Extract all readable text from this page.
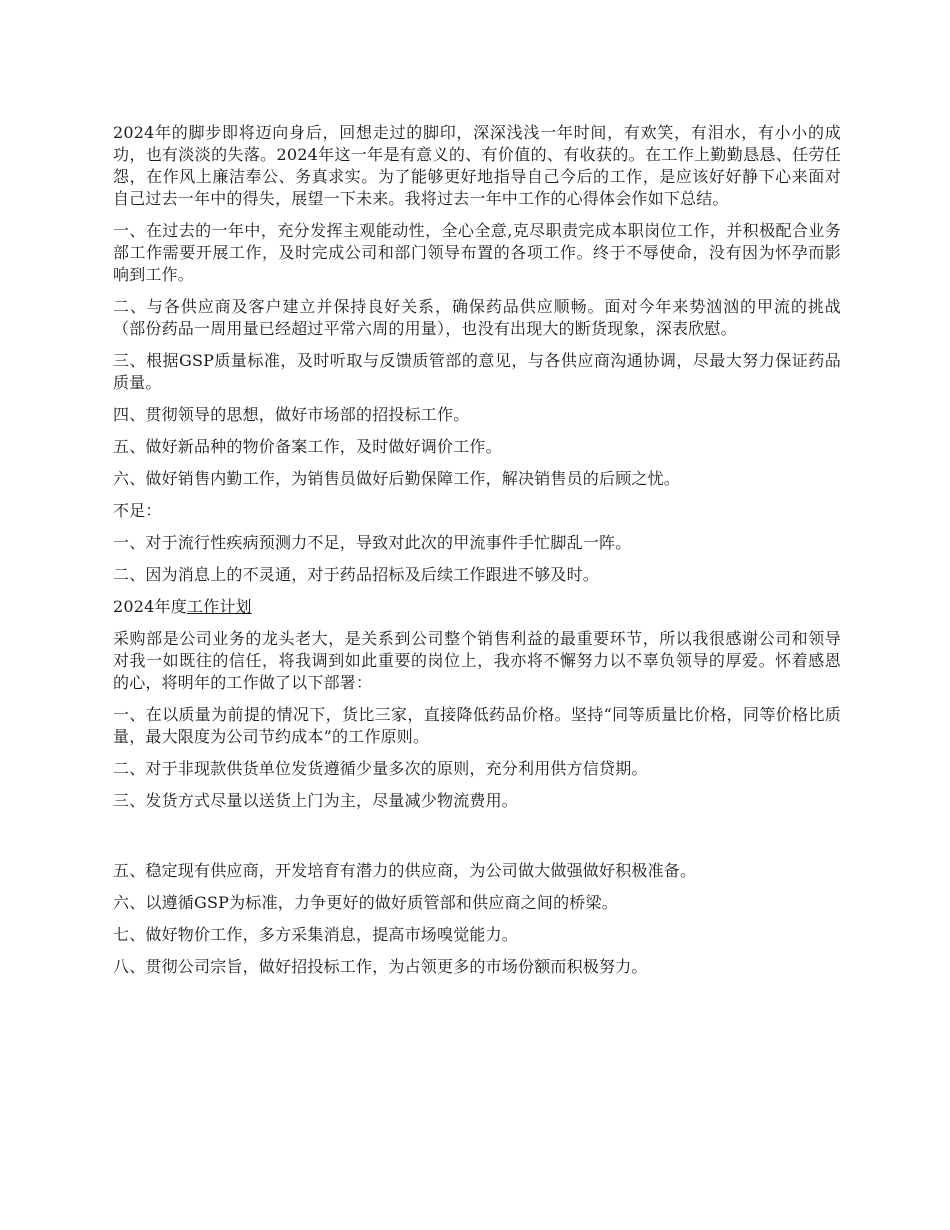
2024年的脚步即将迈向身后，回想走过的脚印，深深浅浅一年时间，有欢笑，有泪水，有小小的成功，也有淡淡的失落。2024年这一年是有意义的、有价值的、有收获的。在工作上勤勤恳恳、任劳任怨，在作风上廉洁奉公、务真求实。为了能够更好地指导自己今后的工作，是应该好好静下心来面对自己过去一年中的得失，展望一下未来。我将过去一年中工作的心得体会作如下总结。

一、在过去的一年中，充分发挥主观能动性，全心全意,克尽职责完成本职岗位工作，并积极配合业务部工作需要开展工作，及时完成公司和部门领导布置的各项工作。终于不辱使命，没有因为怀孕而影响到工作。

二、与各供应商及客户建立并保持良好关系，确保药品供应顺畅。面对今年来势汹汹的甲流的挑战（部份药品一周用量已经超过平常六周的用量），也没有出现大的断货现象，深表欣慰。

三、根据GSP质量标准，及时听取与反馈质管部的意见，与各供应商沟通协调，尽最大努力保证药品质量。

四、贯彻领导的思想，做好市场部的招投标工作。

五、做好新品种的物价备案工作，及时做好调价工作。

六、做好销售内勤工作，为销售员做好后勤保障工作，解决销售员的后顾之忧。

不足：

一、对于流行性疾病预测力不足，导致对此次的甲流事件手忙脚乱一阵。

二、因为消息上的不灵通，对于药品招标及后续工作跟进不够及时。

2024年度工作计划

采购部是公司业务的龙头老大，是关系到公司整个销售利益的最重要环节，所以我很感谢公司和领导对我一如既往的信任，将我调到如此重要的岗位上，我亦将不懈努力以不辜负领导的厚爱。怀着感恩的心，将明年的工作做了以下部署：

一、在以质量为前提的情况下，货比三家，直接降低药品价格。坚持“同等质量比价格，同等价格比质量，最大限度为公司节约成本”的工作原则。

二、对于非现款供货单位发货遵循少量多次的原则，充分利用供方信贷期。

三、发货方式尽量以送货上门为主，尽量减少物流费用。

五、稳定现有供应商，开发培育有潜力的供应商，为公司做大做强做好积极准备。

六、以遵循GSP为标准，力争更好的做好质管部和供应商之间的桥梁。

七、做好物价工作，多方采集消息，提高市场嗅觉能力。

八、贯彻公司宗旨，做好招投标工作，为占领更多的市场份额而积极努力。
